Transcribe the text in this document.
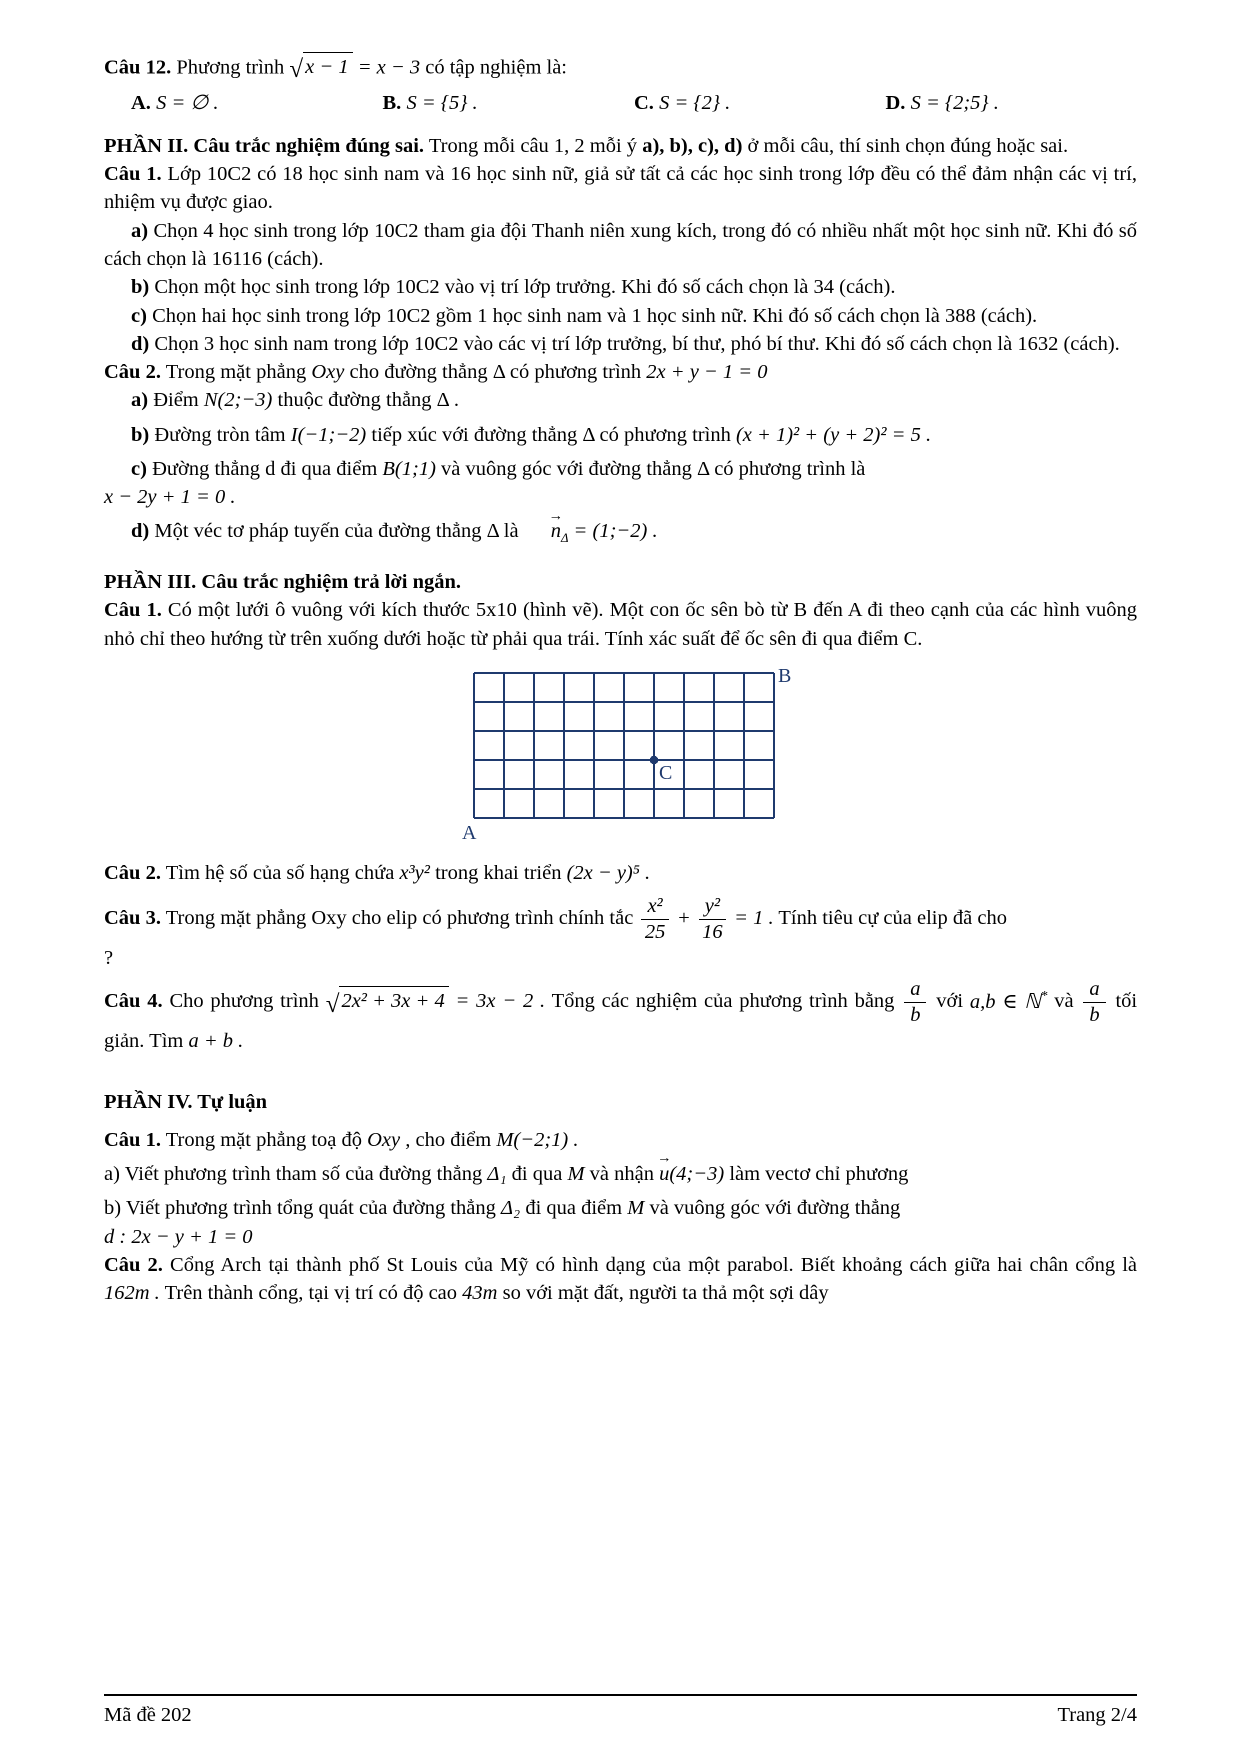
Câu 12. Phương trình √ x − 1 = x − 3 có tập nghiệm là:

A. S = ∅ .	B. S = {5} .	C. S = {2} .	D. S = {2;5} .

PHẦN II. Câu trắc nghiệm đúng sai. Trong mỗi câu 1, 2 mỗi ý a), b), c), d) ở mỗi câu, thí sinh chọn đúng hoặc sai.

Câu 1. Lớp 10C2 có 18 học sinh nam và 16 học sinh nữ, giả sử tất cả các học sinh trong lớp đều có thể đảm nhận các vị trí, nhiệm vụ được giao.

a) Chọn 4 học sinh trong lớp 10C2 tham gia đội Thanh niên xung kích, trong đó có nhiều nhất một học sinh nữ. Khi đó số cách chọn là 16116 (cách).

b) Chọn một học sinh trong lớp 10C2 vào vị trí lớp trưởng. Khi đó số cách chọn là 34 (cách).

c) Chọn hai học sinh trong lớp 10C2 gồm 1 học sinh nam và 1 học sinh nữ. Khi đó số cách chọn là 388 (cách).

d) Chọn 3 học sinh nam trong lớp 10C2 vào các vị trí lớp trưởng, bí thư, phó bí thư. Khi đó số cách chọn là 1632 (cách).

Câu 2. Trong mặt phẳng Oxy cho đường thẳng Δ có phương trình 2x + y − 1 = 0

a) Điểm N(2;−3) thuộc đường thẳng Δ .

b) Đường tròn tâm I(−1;−2) tiếp xúc với đường thẳng Δ có phương trình (x + 1)² + (y + 2)² = 5 .

c) Đường thẳng d đi qua điểm B(1;1) và vuông góc với đường thẳng Δ có phương trình là

x − 2y + 1 = 0 .

d) Một véc tơ pháp tuyến của đường thẳng Δ là
→
$n_\Delta$ = (1;−2) .

PHẦN III. Câu trắc nghiệm trả lời ngắn.

Câu 1. Có một lưới ô vuông với kích thước 5x10 (hình vẽ). Một con ốc sên bò từ B đến A đi theo cạnh của các hình vuông nhỏ chỉ theo hướng từ trên xuống dưới hoặc từ phải qua trái. Tính xác suất để ốc sên đi qua điểm C.

B
A
C

Câu 2. Tìm hệ số của số hạng chứa x³y² trong khai triển (2x − y)⁵ .

Câu 3. Trong mặt phẳng Oxy cho elip có phương trình chính tắc $\frac{\text{x²}}{25} + \frac{\text{y²}}{16} = 1$ . Tính tiêu cự của elip đã cho

?

Câu 4. Cho phương trình √ 2x² + 3x + 4 = 3x − 2 . Tổng các nghiệm của phương trình bằng $\frac{a}{b}$ với a,b ∈ ℕ* và $\frac{a}{b}$ tối giản. Tìm a + b .

PHẦN IV. Tự luận

Câu 1. Trong mặt phẳng toạ độ Oxy , cho điểm M(−2;1) .

a) Viết phương trình tham số của đường thẳng Δ₁ đi qua M và nhận
→
u(4;−3) làm vectơ chỉ phương

b) Viết phương trình tổng quát của đường thẳng Δ₂ đi qua điểm M và vuông góc với đường thẳng

d : 2x − y + 1 = 0

Câu 2. Cổng Arch tại thành phố St Louis của Mỹ có hình dạng của một parabol. Biết khoảng cách giữa hai chân cổng là 162m . Trên thành cổng, tại vị trí có độ cao 43m so với mặt đất, người ta thả một sợi dây

Mã đề 202	Trang 2/4
